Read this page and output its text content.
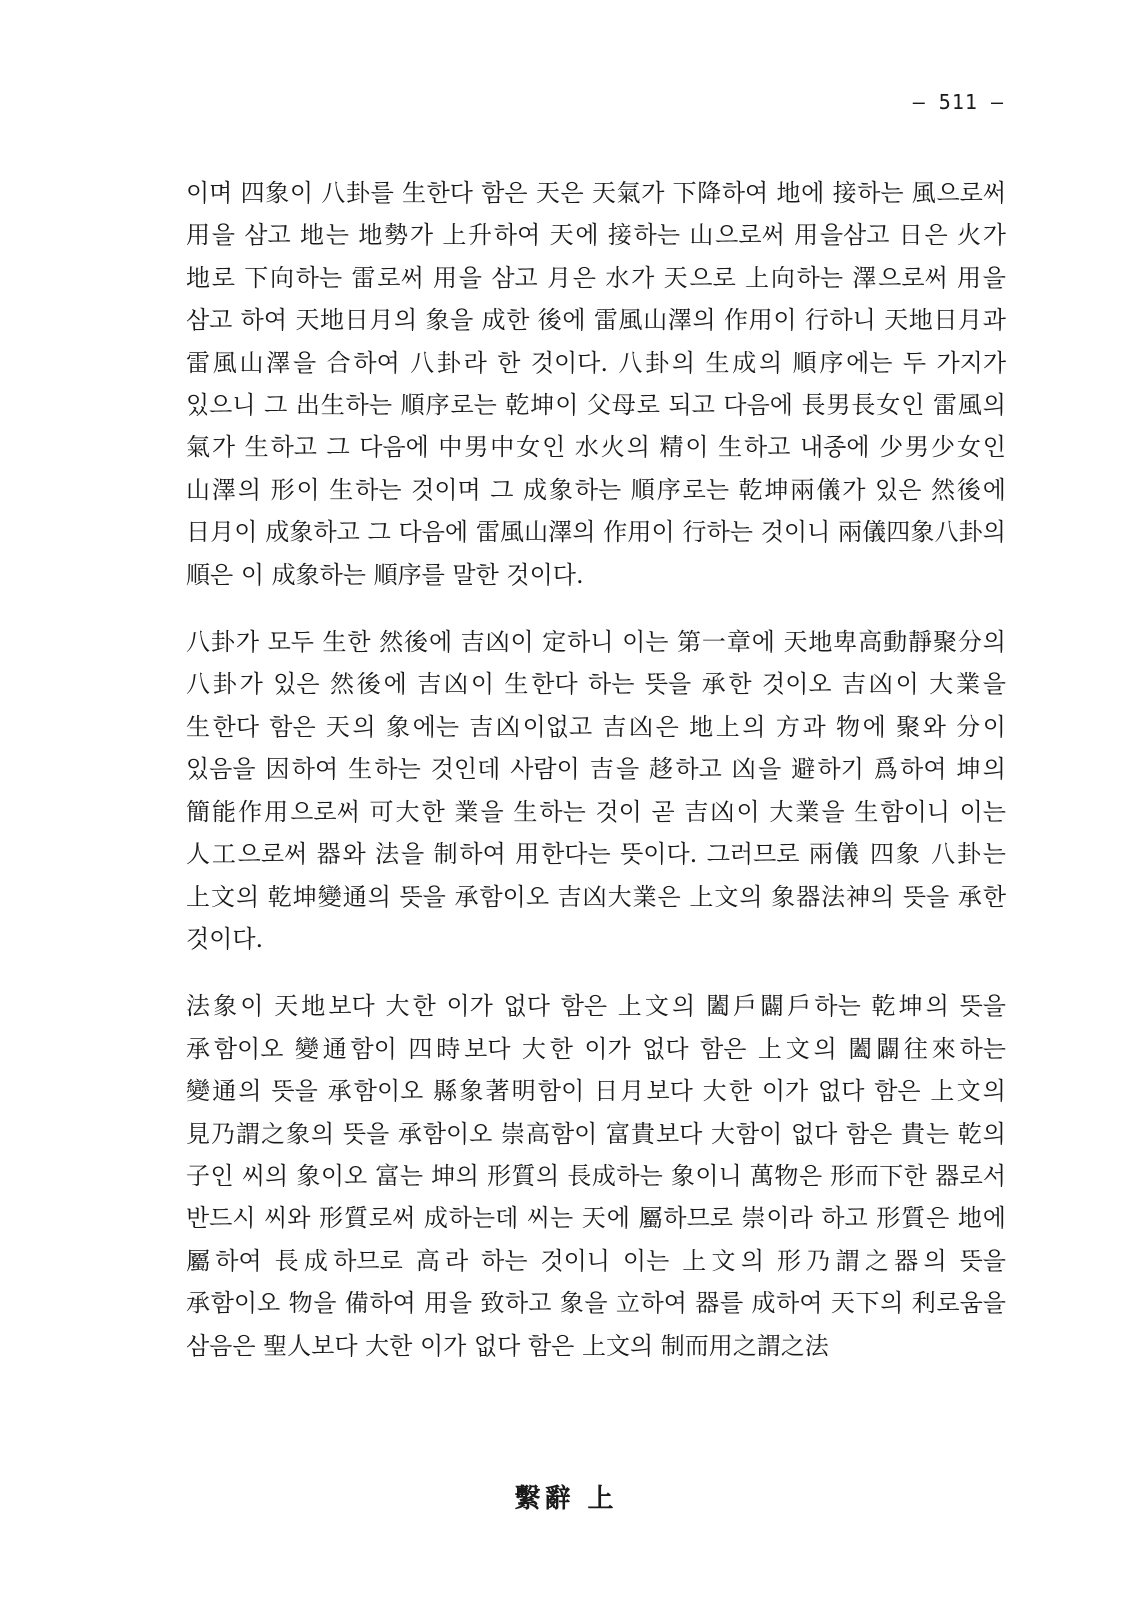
— 511 —

이며 四象이 八卦를 生한다 함은 天은 天氣가 下降하여 地에 接하는 風으로써 用을 삼고 地는 地勢가 上升하여 天에 接하는 山으로써 用을삼고 日은 火가 地로 下向하는 雷로써 用을 삼고 月은 水가 天으로 上向하는 澤으로써 用을 삼고 하여 天地日月의 象을 成한 後에 雷風山澤의 作用이 行하니 天地日月과 雷風山澤을 合하여 八卦라 한 것이다. 八卦의 生成의 順序에는 두 가지가 있으니 그 出生하는 順序로는 乾坤이 父母로 되고 다음에 長男長女인 雷風의 氣가 生하고 그 다음에 中男中女인 水火의 精이 生하고 내종에 少男少女인 山澤의 形이 生하는 것이며 그 成象하는 順序로는 乾坤兩儀가 있은 然後에 日月이 成象하고 그 다음에 雷風山澤의 作用이 行하는 것이니 兩儀四象八卦의 順은 이 成象하는 順序를 말한 것이다.

八卦가 모두 生한 然後에 吉凶이 定하니 이는 第一章에 天地卑高動靜聚分의 八卦가 있은 然後에 吉凶이 生한다 하는 뜻을 承한 것이오 吉凶이 大業을 生한다 함은 天의 象에는 吉凶이없고 吉凶은 地上의 方과 物에 聚와 分이 있음을 因하여 生하는 것인데 사람이 吉을 趍하고 凶을 避하기 爲하여 坤의 簡能作用으로써 可大한 業을 生하는 것이 곧 吉凶이 大業을 生함이니 이는 人工으로써 器와 法을 制하여 用한다는 뜻이다. 그러므로 兩儀 四象 八卦는 上文의 乾坤變通의 뜻을 承함이오 吉凶大業은 上文의 象器法神의 뜻을 承한 것이다.

法象이 天地보다 大한 이가 없다 함은 上文의 闔戶闢戶하는 乾坤의 뜻을 承함이오 變通함이 四時보다 大한 이가 없다 함은 上文의 闔闢往來하는 變通의 뜻을 承함이오 縣象著明함이 日月보다 大한 이가 없다 함은 上文의 見乃謂之象의 뜻을 承함이오 崇高함이 富貴보다 大함이 없다 함은 貴는 乾의 子인 씨의 象이오 富는 坤의 形質의 長成하는 象이니 萬物은 形而下한 器로서 반드시 씨와 形質로써 成하는데 씨는 天에 屬하므로 崇이라 하고 形質은 地에 屬하여 長成하므로 高라 하는 것이니 이는 上文의 形乃謂之器의 뜻을 承함이오 物을 備하여 用을 致하고 象을 立하여 器를 成하여 天下의 利로움을 삼음은 聖人보다 大한 이가 없다 함은 上文의 制而用之謂之法

繫辭 上
